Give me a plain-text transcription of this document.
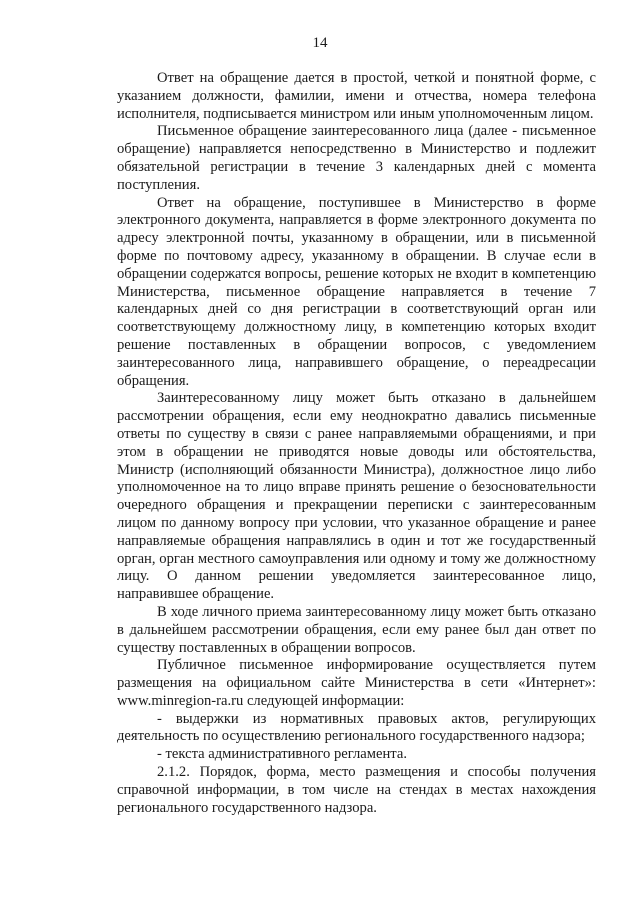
14

Ответ на обращение дается в простой, четкой и понятной форме, с указанием должности, фамилии, имени и отчества, номера телефона исполнителя, подписывается министром или иным уполномоченным лицом.

Письменное обращение заинтересованного лица (далее - письменное обращение) направляется непосредственно в Министерство и подлежит обязательной регистрации в течение 3 календарных дней с момента поступления.

Ответ на обращение, поступившее в Министерство в форме электронного документа, направляется в форме электронного документа по адресу электронной почты, указанному в обращении, или в письменной форме по почтовому адресу, указанному в обращении. В случае если в обращении содержатся вопросы, решение которых не входит в компетенцию Министерства, письменное обращение направляется в течение 7 календарных дней со дня регистрации в соответствующий орган или соответствующему должностному лицу, в компетенцию которых входит решение поставленных в обращении вопросов, с уведомлением заинтересованного лица, направившего обращение, о переадресации обращения.

Заинтересованному лицу может быть отказано в дальнейшем рассмотрении обращения, если ему неоднократно давались письменные ответы по существу в связи с ранее направляемыми обращениями, и при этом в обращении не приводятся новые доводы или обстоятельства, Министр (исполняющий обязанности Министра), должностное лицо либо уполномоченное на то лицо вправе принять решение о безосновательности очередного обращения и прекращении переписки с заинтересованным лицом по данному вопросу при условии, что указанное обращение и ранее направляемые обращения направлялись в один и тот же государственный орган, орган местного самоуправления или одному и тому же должностному лицу. О данном решении уведомляется заинтересованное лицо, направившее обращение.

В ходе личного приема заинтересованному лицу может быть отказано в дальнейшем рассмотрении обращения, если ему ранее был дан ответ по существу поставленных в обращении вопросов.

Публичное письменное информирование осуществляется путем размещения на официальном сайте Министерства в сети «Интернет»: www.minregion-ra.ru следующей информации:

- выдержки из нормативных правовых актов, регулирующих деятельность по осуществлению регионального государственного надзора;

- текста административного регламента.

2.1.2. Порядок, форма, место размещения и способы получения справочной информации, в том числе на стендах в местах нахождения регионального государственного надзора.
